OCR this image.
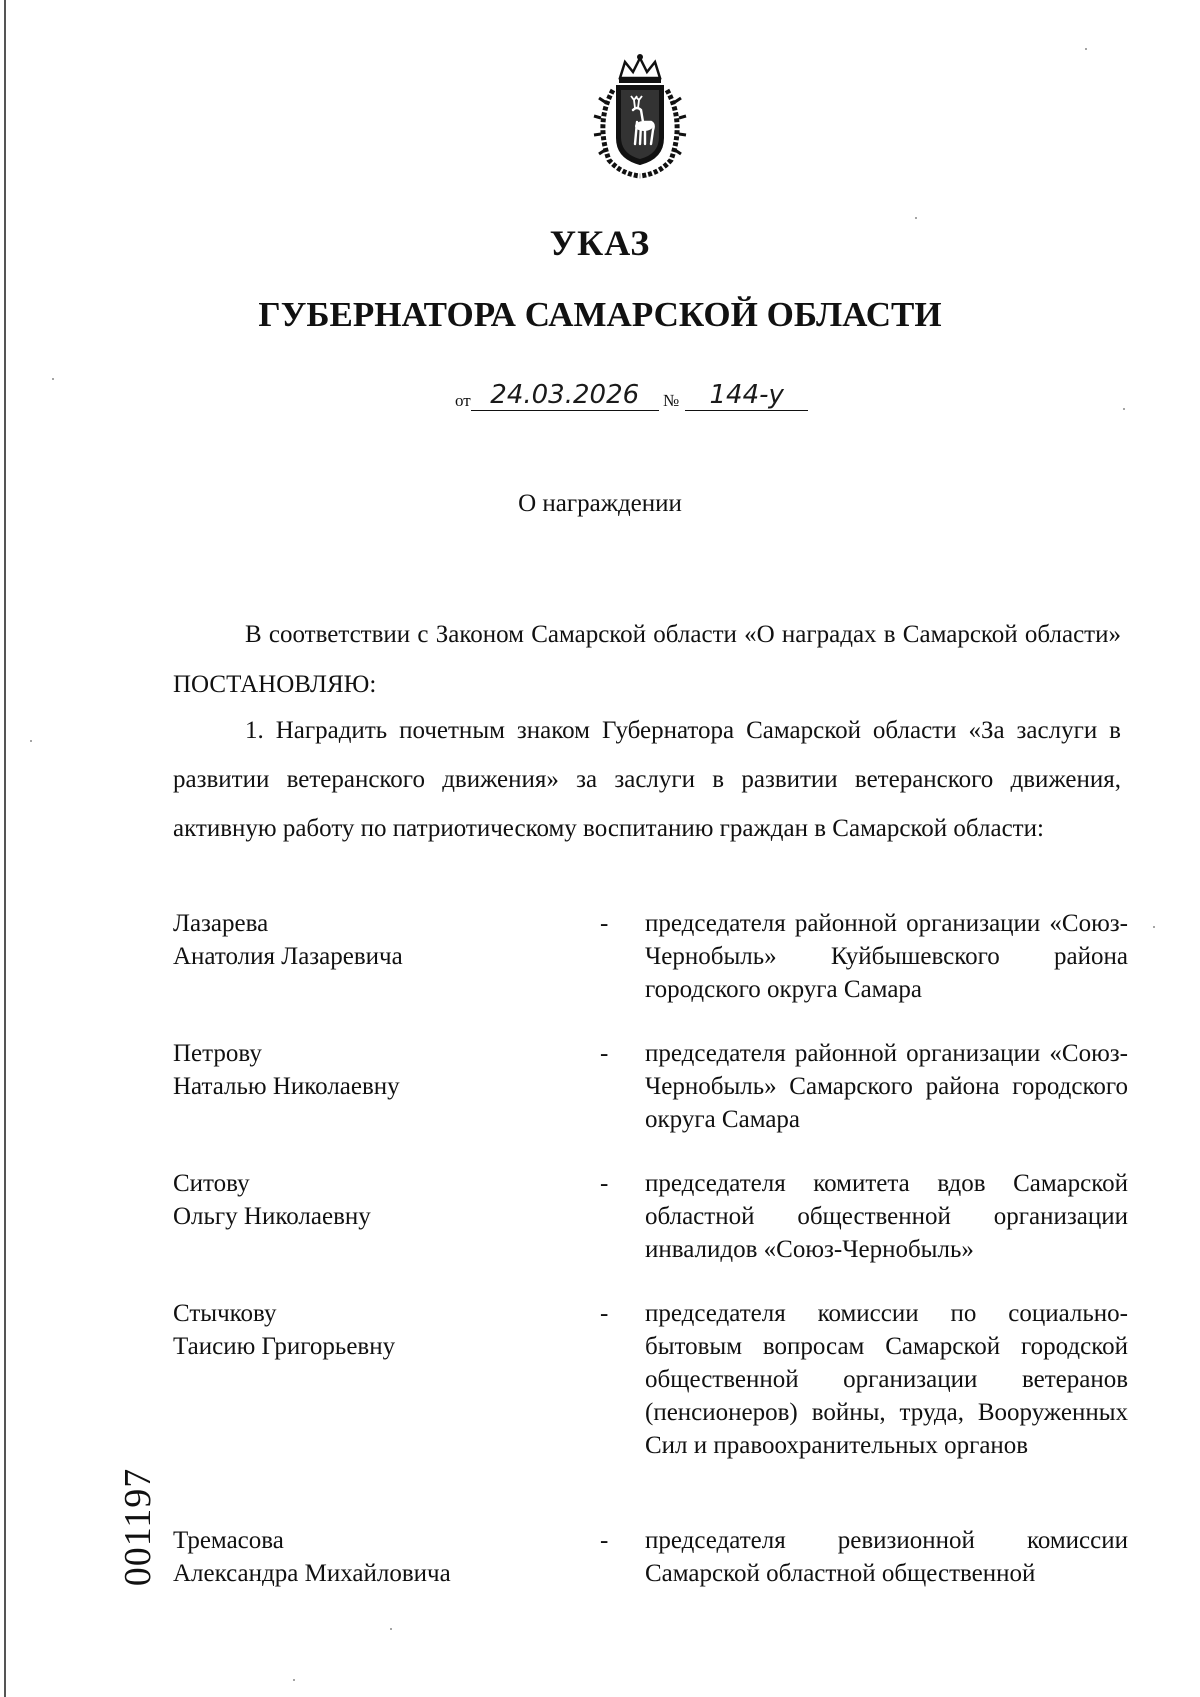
УКАЗ
ГУБЕРНАТОРА САМАРСКОЙ ОБЛАСТИ
от 24.03.2026 № 144-у
О награждении
В соответствии с Законом Самарской области «О наградах в Самарской области» ПОСТАНОВЛЯЮ:
1. Наградить почетным знаком Губернатора Самарской области «За заслуги в развитии ветеранского движения» за заслуги в развитии ветеранского движения, активную работу по патриотическому воспитанию граждан в Самарской области:
Лазарева
Анатолия Лазаревича
-	председателя районной организации «Союз-Чернобыль» Куйбышевского района городского округа Самара
Петрову
Наталью Николаевну
-	председателя районной организации «Союз-Чернобыль» Самарского района городского округа Самара
Ситову
Ольгу Николаевну
-	председателя комитета вдов Самарской областной общественной организации инвалидов «Союз-Чернобыль»
Стычкову
Таисию Григорьевну
-	председателя комиссии по социально-бытовым вопросам Самарской городской общественной организации ветеранов (пенсионеров) войны, труда, Вооруженных Сил и правоохранительных органов
Тремасова
Александра Михайловича
-	председателя ревизионной комиссии Самарской областной общественной
001197
